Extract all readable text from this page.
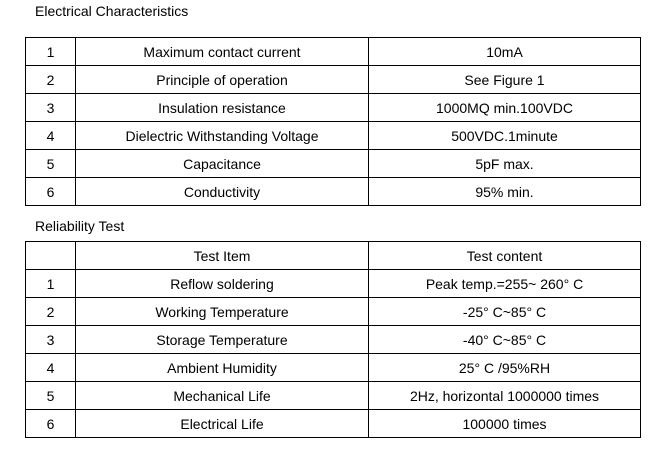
Electrical Characteristics
1	Maximum contact current	10mA
2	Principle of operation	See Figure 1
3	Insulation resistance	1000MQ min.100VDC
4	Dielectric Withstanding Voltage	500VDC.1minute
5	Capacitance	5pF max.
6	Conductivity	95% min.
Reliability Test
	Test Item	Test content
1	Reflow soldering	Peak temp.=255~ 260° C
2	Working Temperature	-25° C~85° C
3	Storage Temperature	-40° C~85° C
4	Ambient Humidity	25° C /95%RH
5	Mechanical Life	2Hz, horizontal 1000000 times
6	Electrical Life	100000 times
